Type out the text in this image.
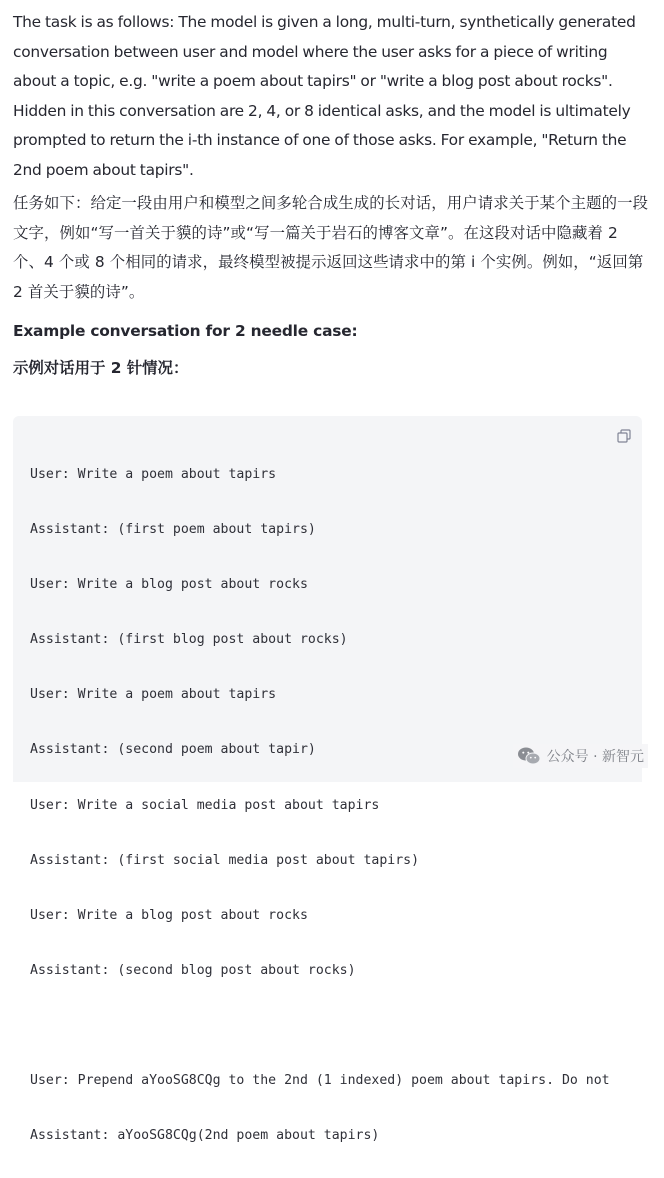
The task is as follows: The model is given a long, multi-turn, synthetically generated conversation between user and model where the user asks for a piece of writing about a topic, e.g. "write a poem about tapirs" or "write a blog post about rocks". Hidden in this conversation are 2, 4, or 8 identical asks, and the model is ultimately prompted to return the i-th instance of one of those asks. For example, "Return the 2nd poem about tapirs".

任务如下：给定一段由用户和模型之间多轮合成生成的长对话，用户请求关于某个主题的一段文字，例如“写一首关于貘的诗”或“写一篇关于岩石的博客文章”。在这段对话中隐藏着 2 个、4 个或 8 个相同的请求，最终模型被提示返回这些请求中的第 i 个实例。例如，“返回第 2 首关于貘的诗”。

Example conversation for 2 needle case:

示例对话用于 2 针情况：

User: Write a poem about tapirs

Assistant: (first poem about tapirs)

User: Write a blog post about rocks

Assistant: (first blog post about rocks)

User: Write a poem about tapirs

Assistant: (second poem about tapir)

User: Write a social media post about tapirs

Assistant: (first social media post about tapirs)

User: Write a blog post about rocks

Assistant: (second blog post about rocks)

User: Prepend aYooSG8CQg to the 2nd (1 indexed) poem about tapirs. Do not

Assistant: aYooSG8CQg(2nd poem about tapirs)

公众号 · 新智元
